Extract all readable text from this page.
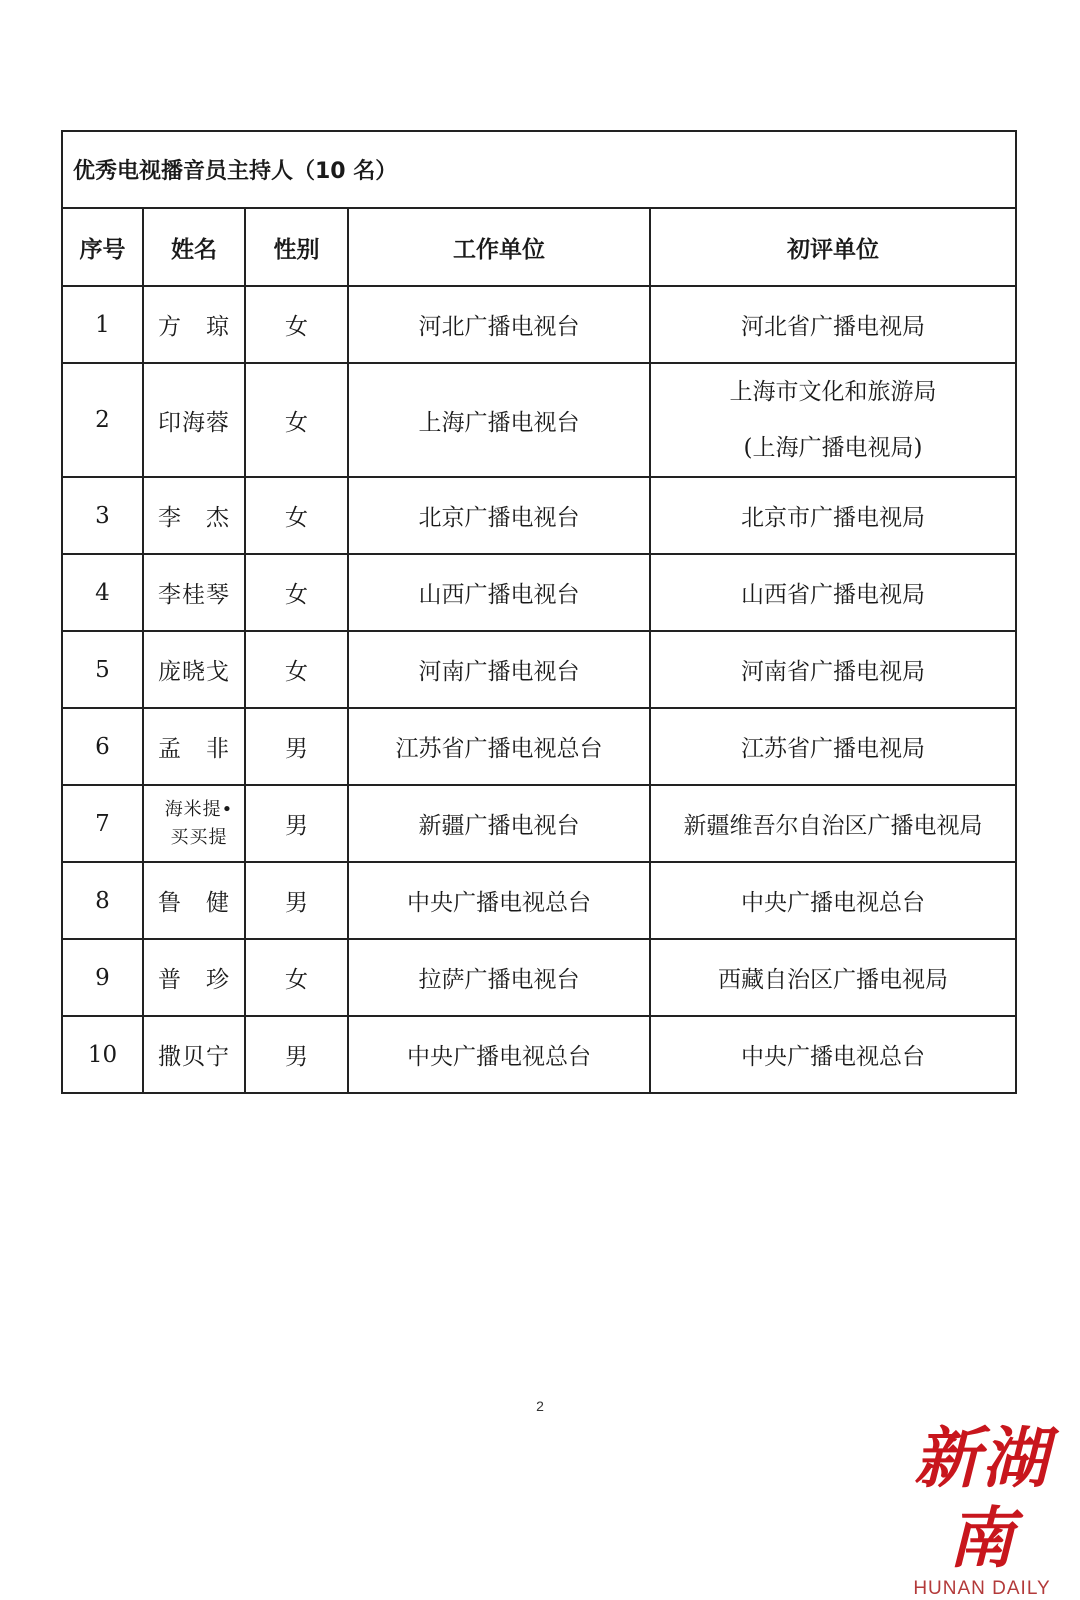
优秀电视播音员主持人（10 名）				
序号	姓名	性别	工作单位	初评单位
1	方　琼	女	河北广播电视台	河北省广播电视局
2	印海蓉	女	上海广播电视台	上海市文化和旅游局
(上海广播电视局)

3	李　杰	女	北京广播电视台	北京市广播电视局
4	李桂琴	女	山西广播电视台	山西省广播电视局
5	庞晓戈	女	河南广播电视台	河南省广播电视局
6	孟　非	男	江苏省广播电视总台	江苏省广播电视局
7	海米提•
买买提	男	新疆广播电视台	新疆维吾尔自治区广播电视局
8	鲁　健	男	中央广播电视总台	中央广播电视总台
9	普　珍	女	拉萨广播电视台	西藏自治区广播电视局
10	撒贝宁	男	中央广播电视总台	中央广播电视总台
2
新湖南
HUNAN DAILY
